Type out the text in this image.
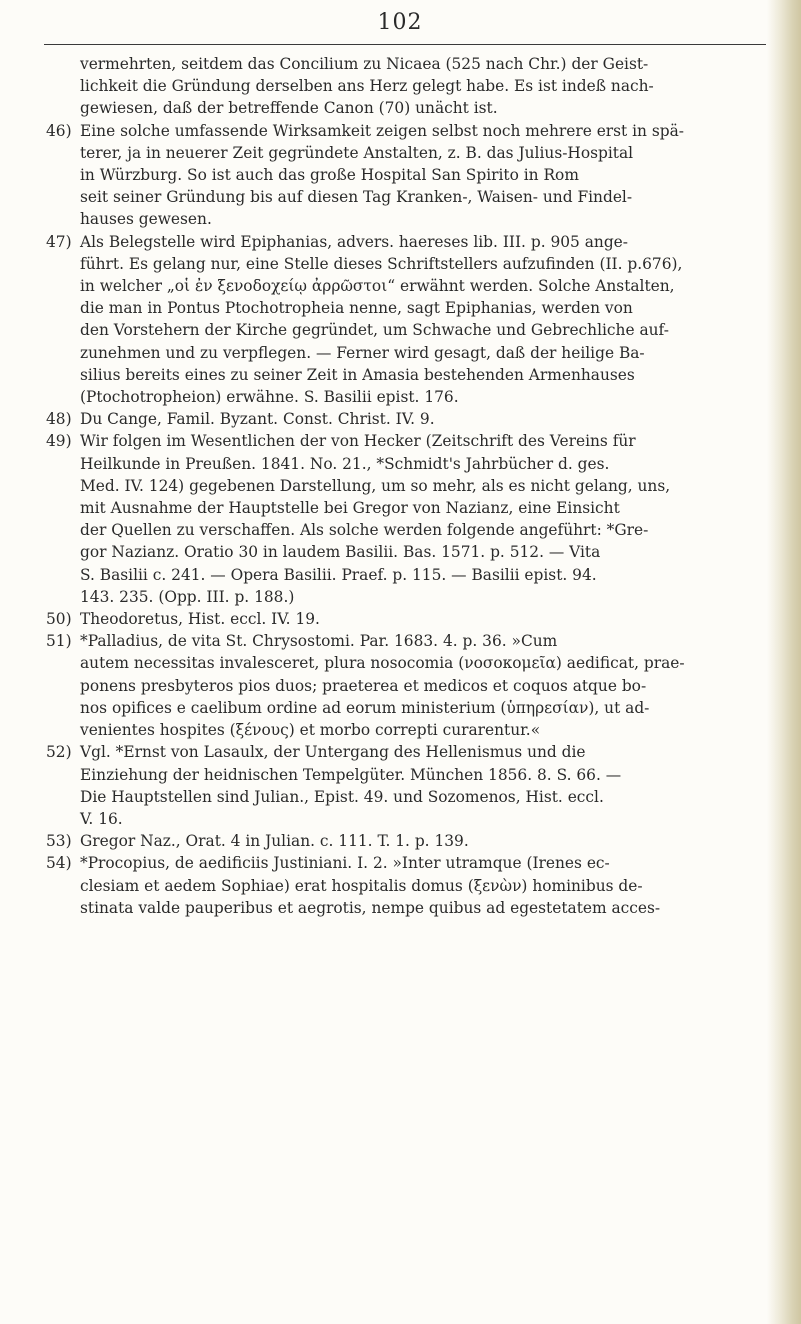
102
vermehrten, seitdem das Concilium zu Nicaea (525 nach Chr.) der Geist-
lichkeit die Gründung derselben ans Herz gelegt habe. Es ist indeß nach-
gewiesen, daß der betreffende Canon (70) unächt ist.
46) Eine solche umfassende Wirksamkeit zeigen selbst noch mehrere erst in spä-
terer, ja in neuerer Zeit gegründete Anstalten, z. B. das Julius-Hospital
in Würzburg. So ist auch das große Hospital San Spirito in Rom
seit seiner Gründung bis auf diesen Tag Kranken-, Waisen- und Findel-
hauses gewesen.
47) Als Belegstelle wird Epiphanias, advers. haereses lib. III. p. 905 ange-
führt. Es gelang nur, eine Stelle dieses Schriftstellers aufzufinden (II. p.676),
in welcher „οἱ ἐν ξενοδοχείῳ ἀρρῶστοι“ erwähnt werden. Solche Anstalten,
die man in Pontus Ptochotropheia nenne, sagt Epiphanias, werden von
den Vorstehern der Kirche gegründet, um Schwache und Gebrechliche auf-
zunehmen und zu verpflegen. — Ferner wird gesagt, daß der heilige Ba-
silius bereits eines zu seiner Zeit in Amasia bestehenden Armenhauses
(Ptochotropheion) erwähne. S. Basilii epist. 176.
48) Du Cange, Famil. Byzant. Const. Christ. IV. 9.
49) Wir folgen im Wesentlichen der von Hecker (Zeitschrift des Vereins für
Heilkunde in Preußen. 1841. No. 21., *Schmidt's Jahrbücher d. ges.
Med. IV. 124) gegebenen Darstellung, um so mehr, als es nicht gelang, uns,
mit Ausnahme der Hauptstelle bei Gregor von Nazianz, eine Einsicht
der Quellen zu verschaffen. Als solche werden folgende angeführt: *Gre-
gor Nazianz. Oratio 30 in laudem Basilii. Bas. 1571. p. 512. — Vita
S. Basilii c. 241. — Opera Basilii. Praef. p. 115. — Basilii epist. 94.
143. 235. (Opp. III. p. 188.)
50) Theodoretus, Hist. eccl. IV. 19.
51) *Palladius, de vita St. Chrysostomi. Par. 1683. 4. p. 36. »Cum
autem necessitas invalesceret, plura nosocomia (νοσοκομεῖα) aedificat, prae-
ponens presbyteros pios duos; praeterea et medicos et coquos atque bo-
nos opifices e caelibum ordine ad eorum ministerium (ὑπηρεσίαν), ut ad-
venientes hospites (ξένους) et morbo correpti curarentur.«
52) Vgl. *Ernst von Lasaulx, der Untergang des Hellenismus und die
Einziehung der heidnischen Tempelgüter. München 1856. 8. S. 66. —
Die Hauptstellen sind Julian., Epist. 49. und Sozomenos, Hist. eccl.
V. 16.
53) Gregor Naz., Orat. 4 in Julian. c. 111. T. 1. p. 139.
54) *Procopius, de aedificiis Justiniani. I. 2. »Inter utramque (Irenes ec-
clesiam et aedem Sophiae) erat hospitalis domus (ξενὼν) hominibus de-
stinata valde pauperibus et aegrotis, nempe quibus ad egestetatem acces-
